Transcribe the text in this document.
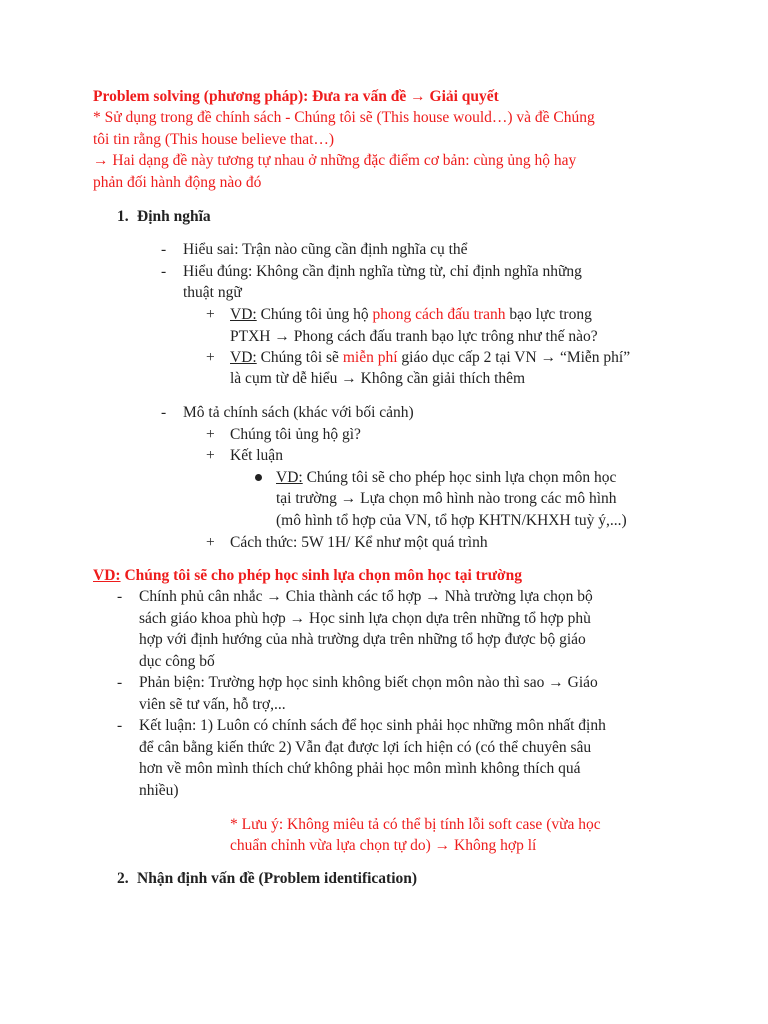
Problem solving (phương pháp): Đưa ra vấn đề → Giải quyết
* Sử dụng trong đề chính sách - Chúng tôi sẽ (This house would…) và đề Chúng
tôi tin rằng (This house believe that…)
→ Hai dạng đề này tương tự nhau ở những đặc điểm cơ bản: cùng ủng hộ hay
phản đối hành động nào đó
1. Định nghĩa
- Hiểu sai: Trận nào cũng cần định nghĩa cụ thể
- Hiểu đúng: Không cần định nghĩa từng từ, chỉ định nghĩa những
thuật ngữ
+ VD: Chúng tôi ủng hộ phong cách đấu tranh bạo lực trong
PTXH → Phong cách đấu tranh bạo lực trông như thế nào?
+ VD: Chúng tôi sẽ miễn phí giáo dục cấp 2 tại VN → “Miễn phí”
là cụm từ dễ hiểu → Không cần giải thích thêm
- Mô tả chính sách (khác với bối cảnh)
+ Chúng tôi ủng hộ gì?
+ Kết luận
VD: Chúng tôi sẽ cho phép học sinh lựa chọn môn học
tại trường → Lựa chọn mô hình nào trong các mô hình
(mô hình tổ hợp của VN, tổ hợp KHTN/KHXH tuỳ ý,...)
+ Cách thức: 5W 1H/ Kể như một quá trình
VD: Chúng tôi sẽ cho phép học sinh lựa chọn môn học tại trường
- Chính phủ cân nhắc → Chia thành các tổ hợp → Nhà trường lựa chọn bộ
sách giáo khoa phù hợp → Học sinh lựa chọn dựa trên những tổ hợp phù
hợp với định hướng của nhà trường dựa trên những tổ hợp được bộ giáo
dục công bố
- Phản biện: Trường hợp học sinh không biết chọn môn nào thì sao → Giáo
viên sẽ tư vấn, hỗ trợ,...
- Kết luận: 1) Luôn có chính sách để học sinh phải học những môn nhất định
để cân bằng kiến thức 2) Vẫn đạt được lợi ích hiện có (có thể chuyên sâu
hơn về môn mình thích chứ không phải học môn mình không thích quá
nhiều)
* Lưu ý: Không miêu tả có thể bị tính lỗi soft case (vừa học
chuẩn chỉnh vừa lựa chọn tự do) → Không hợp lí
2. Nhận định vấn đề (Problem identification)
